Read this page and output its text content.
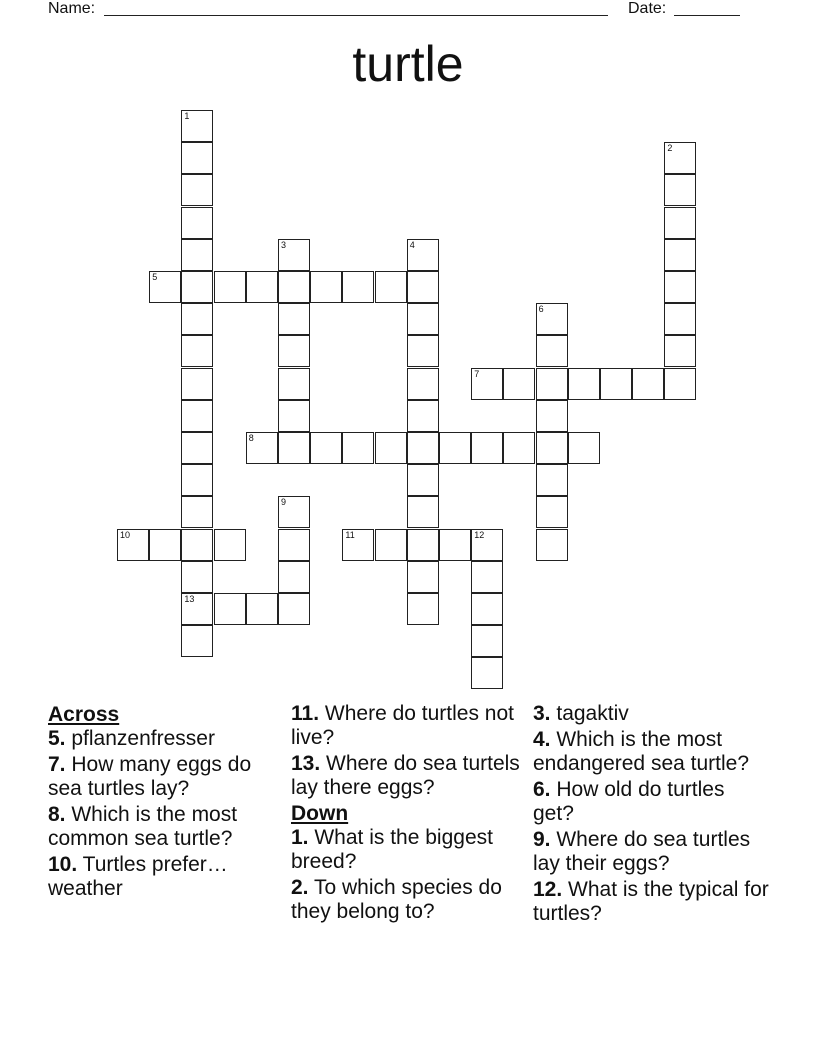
Name:	Date:
turtle
1
13
2
3	4
5
6
7
8
9
10	11	12
Across
5. pflanzenfresser
7. How many eggs do sea turtles lay?
8. Which is the most common sea turtle?
10. Turtles prefer… weather
11. Where do turtles not live?
13. Where do sea turtels lay there eggs?
Down
1. What is the biggest breed?
2. To which species do they belong to?
3. tagaktiv
4. Which is the most endangered sea turtle?
6. How old do turtles get?
9. Where do sea turtles lay their eggs?
12. What is the typical for turtles?
